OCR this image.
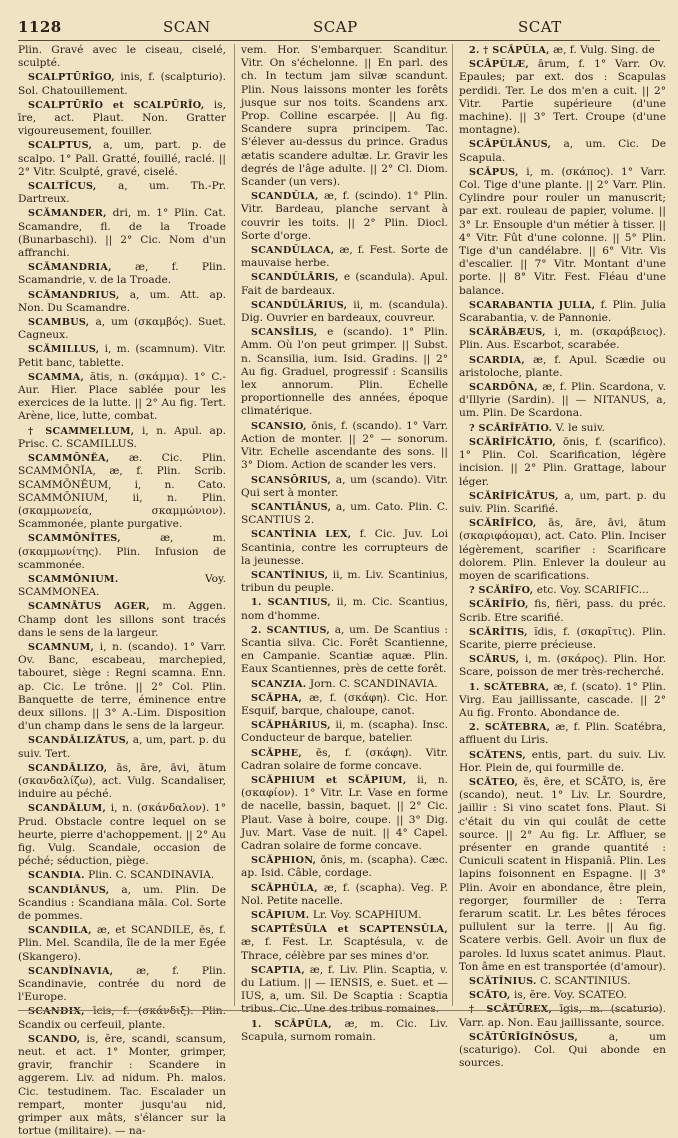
1128	SCAN	SCAP	SCAT

Plin. Gravé avec le ciseau, ciselé, sculpté.

SCALPTŪRĪGO, inis, f. (scalpturio). Sol. Chatouillement.

SCALPTŪRĪO et SCALPŪRĪO, is, īre, act. Plaut. Non. Gratter vigoureusement, fouiller.

SCALPTUS, a, um, part. p. de scalpo. 1° Pall. Gratté, fouillé, raclé. || 2° Vitr. Sculpté, gravé, ciselé.

SCALTĪCUS, a, um. Th.-Pr. Dartreux.

SCĂMANDER, dri, m. 1° Plin. Cat. Scamandre, fl. de la Troade (Bunarbaschi). || 2° Cic. Nom d'un affranchi.

SCĂMANDRIA, æ, f. Plin. Scamandrie, v. de la Troade.

SCĂMANDRIUS, a, um. Att. ap. Non. Du Scamandre.

SCAMBUS, a, um (σκαμβός). Suet. Cagneux.

SCĂMILLUS, i, m. (scamnum). Vitr. Petit banc, tablette.

SCAMMA, ătis, n. (σκάμμα). 1° C.-Aur. Hier. Place sablée pour les exercices de la lutte. || 2° Au fig. Tert. Arène, lice, lutte, combat.

† SCAMMELLUM, i, n. Apul. ap. Prisc. C. SCAMILLUS.

SCAMMŌNĔA, æ. Cic. Plin. SCAMMŌNĬA, æ, f. Plin. Scrib. SCAMMŌNĔUM, i, n. Cato. SCAMMŌNIUM, ii, n. Plin. (σκαμμωνεία, σκαμμώνιον). Scammonée, plante purgative.

SCAMMŌNĪTES,	æ, m. (σκαμμωνίτης). Plin. Infusion de scammonée.

SCAMMŌNIUM.	Voy. SCAMMONEA.

SCAMNĀTUS AGER, m. Aggen. Champ dont les sillons sont tracés dans le sens de la largeur.

SCAMNUM, i, n. (scando). 1° Varr. Ov. Banc, escabeau, marchepied, tabouret, siège : Regni scamna. Enn. ap. Cic. Le trône. || 2° Col. Plin. Banquette de terre, éminence entre deux sillons. || 3° A.-Lim. Disposition d'un champ dans le sens de la largeur.

SCANDĀLIZĀTUS, a, um, part. p. du suiv. Tert.

SCANDĀLIZO, ās, āre, āvi, ātum (σκανδαλίζω), act. Vulg. Scandaliser, induire au péché.

SCANDĂLUM, i, n. (σκάνδαλον). 1° Prud. Obstacle contre lequel on se heurte, pierre d'achoppement. || 2° Au fig. Vulg. Scandale, occasion de péché; séduction, piège.

SCANDIA. Plin. C. SCANDINAVIA.

SCANDIĀNUS, a, um. Plin. De Scandius : Scandiana māla. Col. Sorte de pommes.

SCANDILA, æ, et SCANDILE, ēs, f. Plin. Mel. Scandila, île de la mer Egée (Skangero).

SCANDĬNAVIA, æ, f. Plin. Scandinavie, contrée du nord de l'Europe.

SCANDIX, īcis, f. (σκάνδιξ). Plin. Scandix ou cerfeuil, plante.

SCANDO, is, ĕre, scandi, scansum, neut. et act. 1° Monter, grimper, gravir, franchir : Scandere in aggerem. Liv. ad nidum. Ph. malos. Cic. testudinem. Tac. Escalader un rempart, monter jusqu'au nid, grimper aux mâts, s'élancer sur la tortue (militaire). — na-

vem. Hor. S'embarquer. Scanditur. Vitr. On s'échelonne. || En parl. des ch. In tectum jam silvæ scandunt. Plin. Nous laissons monter les forêts jusque sur nos toits. Scandens arx. Prop. Colline escarpée. || Au fig. Scandere supra principem. Tac. S'élever au-dessus du prince. Gradus ætatis scandere adultæ. Lr. Gravir les degrés de l'âge adulte. || 2° Cl. Diom. Scander (un vers).

SCANDŬLA, æ, f. (scindo). 1° Plin. Vitr. Bardeau, planche servant à couvrir les toits. || 2° Plin. Diocl. Sorte d'orge.

SCANDŬLACA, æ, f. Fest. Sorte de mauvaise herbe.

SCANDŬLĀRIS, e (scandula). Apul. Fait de bardeaux.

SCANDŬLĀRIUS, ii, m. (scandula). Dig. Ouvrier en bardeaux, couvreur.

SCANSĪLIS, e (scando). 1° Plin. Amm. Où l'on peut grimper. || Subst. n. Scansilia, ium. Isid. Gradins. || 2° Au fig. Graduel, progressif : Scansilis lex annorum. Plin. Echelle proportionnelle des années, époque climatérique.

SCANSIO, ōnis, f. (scando). 1° Varr. Action de monter. || 2° — sonorum. Vitr. Echelle ascendante des sons. || 3° Diom. Action de scander les vers.

SCANSŌRIUS, a, um (scando). Vitr. Qui sert à monter.

SCANTIĀNUS, a, um. Cato. Plin. C. SCANTIUS 2.

SCANTĬNIA LEX, f. Cic. Juv. Loi Scantinia, contre les corrupteurs de la jeunesse.

SCANTĬNIUS, ii, m. Liv. Scantinius, tribun du peuple.

1. SCANTIUS, ii, m. Cic. Scantius, nom d'homme.

2. SCANTIUS, a, um. De Scantius : Scantia silva. Cic. Forêt Scantienne, en Campanie. Scantiæ aquæ. Plin. Eaux Scantiennes, près de cette forêt.

SCANZIA. Jorn. C. SCANDINAVIA.

SCĂPHA, æ, f. (σκάφη). Cic. Hor. Esquif, barque, chaloupe, canot.

SCĂPHĀRIUS, ii, m. (scapha). Insc. Conducteur de barque, batelier.

SCĂPHE, ēs, f. (σκάφη). Vitr. Cadran solaire de forme concave.

SCĂPHIUM et SCĂPIUM, ii, n. (σκαφίον). 1° Vitr. Lr. Vase en forme de nacelle, bassin, baquet. || 2° Cic. Plaut. Vase à boire, coupe. || 3° Dig. Juv. Mart. Vase de nuit. || 4° Capel. Cadran solaire de forme concave.

SCĂPHION, ōnis, m. (scapha). Cæc. ap. Isid. Câble, cordage.

SCĂPHŬLA, æ, f. (scapha). Veg. P. Nol. Petite nacelle.

SCĀPIUM. Lr. Voy. SCAPHIUM.

SCAPTĒSŬLA et SCAPTENSŬLA, æ, f. Fest. Lr. Scaptésula, v. de Thrace, célèbre par ses mines d'or.

SCAPTIA, æ, f. Liv. Plin. Scaptia, v. du Latium. || — IENSIS, e. Suet. et — IUS, a, um. Sil. De Scaptia : Scaptia tribus. Cic. Une des tribus romaines.

1. SCĀPŬLA, æ, m. Cic. Liv. Scapula, surnom romain.

2. † SCĀPŬLA, æ, f. Vulg. Sing. de

SCĀPŬLÆ, ārum, f. 1° Varr. Ov. Epaules; par ext. dos : Scapulas perdidi. Ter. Le dos m'en a cuit. || 2° Vitr. Partie supérieure (d'une machine). || 3° Tert. Croupe (d'une montagne).

SCĀPŬLĀNUS, a, um. Cic. De Scapula.

SCĀPUS, i, m. (σκάπος). 1° Varr. Col. Tige d'une plante. || 2° Varr. Plin. Cylindre pour rouler un manuscrit; par ext. rouleau de papier, volume. || 3° Lr. Ensouple d'un métier à tisser. || 4° Vitr. Fût d'une colonne. || 5° Plin. Tige d'un candélabre. || 6° Vitr. Vis d'escalier. || 7° Vitr. Montant d'une porte. || 8° Vitr. Fest. Fléau d'une balance.

SCARABANTIA JULIA, f. Plin. Julia Scarabantia, v. de Pannonie.

SCĂRĀBÆUS, i, m. (σκαράβειος). Plin. Aus. Escarbot, scarabée.

SCARDIA, æ, f. Apul. Scædie ou aristoloche, plante.

SCARDŌNA, æ, f. Plin. Scardona, v. d'Illyrie (Sardin). || — NITANUS, a, um. Plin. De Scardona.

? SCĂRĪFĀTIO. V. le suiv.

SCĂRĪFĬCĀTIO, ōnis, f. (scarifico). 1° Plin. Col. Scarification, légère incision. || 2° Plin. Grattage, labour léger.

SCĂRĪFĬCĀTUS, a, um, part. p. du suiv. Plin. Scarifié.

SCĂRĪFĬCO, ās, āre, āvi, ātum (σκαριφάομαι), act. Cato. Plin. Inciser légèrement, scarifier : Scarificare dolorem. Plin. Enlever la douleur au moyen de scarifications.

? SCĂRĪFO, etc. Voy. SCARIFIC...

SCĂRĪFĪO, fis, fiĕri, pass. du préc. Scrib. Etre scarifié.

SCĂRĪTIS, ĭdis, f. (σκαρῖτις). Plin. Scarite, pierre précieuse.

SCĂRUS, i, m. (σκάρος). Plin. Hor. Scare, poisson de mer très-recherché.

1. SCĂTEBRA, æ, f. (scato). 1° Plin. Virg. Eau jaillissante, cascade. || 2° Au fig. Fronto. Abondance de.

2. SCĂTEBRA, æ, f. Plin. Scatébra, affluent du Liris.

SCĂTENS, entis, part. du suiv. Liv. Hor. Plein de, qui fourmille de.

SCĂTEO, ēs, ēre, et SCĀTO, is, ĕre (scando), neut. 1° Liv. Lr. Sourdre, jaillir : Si vino scatet fons. Plaut. Si c'était du vin qui coulât de cette source. || 2° Au fig. Lr. Affluer, se présenter en grande quantité : Cuniculi scatent in Hispaniâ. Plin. Les lapins foisonnent en Espagne. || 3° Plin. Avoir en abondance, être plein, regorger, fourmiller de : Terra ferarum scatit. Lr. Les bêtes féroces pullulent sur la terre. || Au fig. Scatere verbis. Gell. Avoir un flux de paroles. Id luxus scatet animus. Plaut. Ton âme en est transportée (d'amour).

SCĂTĪNIUS. C. SCANTINIUS.

SCĀTO, is, ĕre. Voy. SCATEO.

† SCĀTŪREX, īgis, m. (scaturio). Varr. ap. Non. Eau jaillissante, source.

SCĀTŪRĪGĬNŌSUS,	a, um (scaturigo). Col. Qui abonde en sources.
